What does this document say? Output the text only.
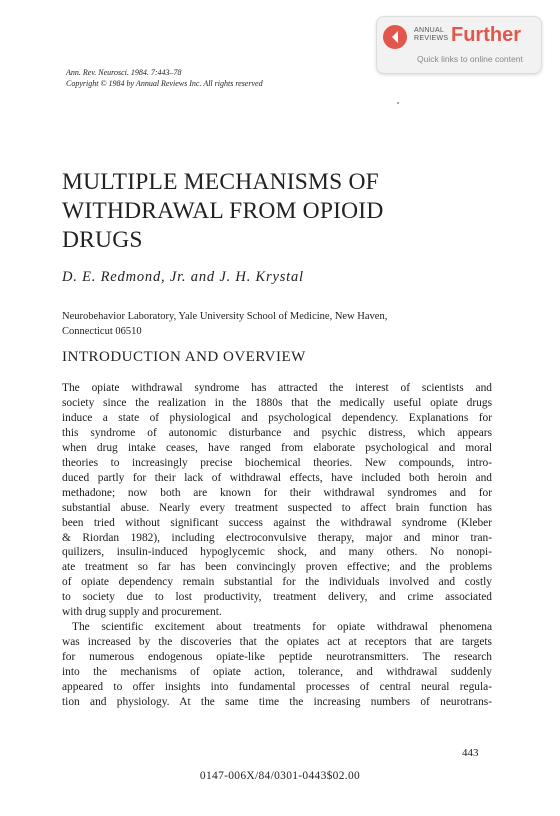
ANNUAL REVIEWS Further
Quick links to online content
Ann. Rev. Neurosci. 1984. 7:443–78
Copyright © 1984 by Annual Reviews Inc. All rights reserved
MULTIPLE MECHANISMS OF
WITHDRAWAL FROM OPIOID
DRUGS
D. E. Redmond, Jr. and J. H. Krystal
Neurobehavior Laboratory, Yale University School of Medicine, New Haven,
Connecticut 06510
INTRODUCTION AND OVERVIEW
The opiate withdrawal syndrome has attracted the interest of scientists and
society since the realization in the 1880s that the medically useful opiate drugs
induce a state of physiological and psychological dependency. Explanations for
this syndrome of autonomic disturbance and psychic distress, which appears
when drug intake ceases, have ranged from elaborate psychological and moral
theories to increasingly precise biochemical theories. New compounds, intro-
duced partly for their lack of withdrawal effects, have included both heroin and
methadone; now both are known for their withdrawal syndromes and for
substantial abuse. Nearly every treatment suspected to affect brain function has
been tried without significant success against the withdrawal syndrome (Kleber
& Riordan 1982), including electroconvulsive therapy, major and minor tran-
quilizers, insulin-induced hypoglycemic shock, and many others. No nonopi-
ate treatment so far has been convincingly proven effective; and the problems
of opiate dependency remain substantial for the individuals involved and costly
to society due to lost productivity, treatment delivery, and crime associated
with drug supply and procurement.
The scientific excitement about treatments for opiate withdrawal phenomena
was increased by the discoveries that the opiates act at receptors that are targets
for numerous endogenous opiate-like peptide neurotransmitters. The research
into the mechanisms of opiate action, tolerance, and withdrawal suddenly
appeared to offer insights into fundamental processes of central neural regula-
tion and physiology. At the same time the increasing numbers of neurotrans-
443
0147-006X/84/0301-0443$02.00
